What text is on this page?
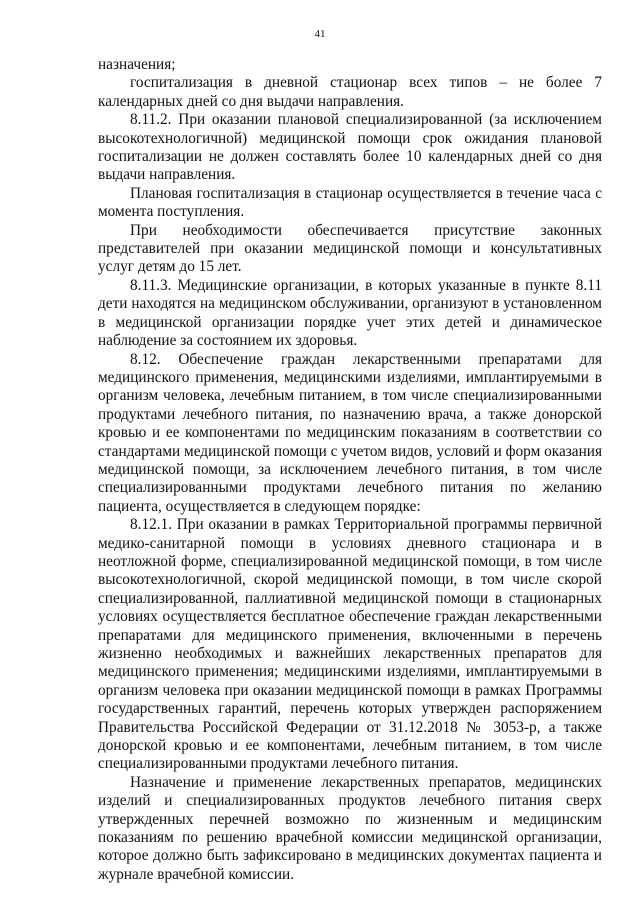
41

назначения;

госпитализация в дневной стационар всех типов – не более 7 календарных дней со дня выдачи направления.

8.11.2. При оказании плановой специализированной (за исключением высокотехнологичной) медицинской помощи срок ожидания плановой госпитализации не должен составлять более 10 календарных дней со дня выдачи направления.

Плановая госпитализация в стационар осуществляется в течение часа с момента поступления.

При необходимости обеспечивается присутствие законных представителей при оказании медицинской помощи и консультативных услуг детям до 15 лет.

8.11.3. Медицинские организации, в которых указанные в пункте 8.11 дети находятся на медицинском обслуживании, организуют в установленном в медицинской организации порядке учет этих детей и динамическое наблюдение за состоянием их здоровья.

8.12. Обеспечение граждан лекарственными препаратами для медицинского применения, медицинскими изделиями, имплантируемыми в организм человека, лечебным питанием, в том числе специализированными продуктами лечебного питания, по назначению врача, а также донорской кровью и ее компонентами по медицинским показаниям в соответствии со стандартами медицинской помощи с учетом видов, условий и форм оказания медицинской помощи, за исключением лечебного питания, в том числе специализированными продуктами лечебного питания по желанию пациента, осуществляется в следующем порядке:

8.12.1. При оказании в рамках Территориальной программы первичной медико-санитарной помощи в условиях дневного стационара и в неотложной форме, специализированной медицинской помощи, в том числе высокотехнологичной, скорой медицинской помощи, в том числе скорой специализированной, паллиативной медицинской помощи в стационарных условиях осуществляется бесплатное обеспечение граждан лекарственными препаратами для медицинского применения, включенными в перечень жизненно необходимых и важнейших лекарственных препаратов для медицинского применения; медицинскими изделиями, имплантируемыми в организм человека при оказании медицинской помощи в рамках Программы государственных гарантий, перечень которых утвержден распоряжением Правительства Российской Федерации от 31.12.2018 № 3053-р, а также донорской кровью и ее компонентами, лечебным питанием, в том числе специализированными продуктами лечебного питания.

Назначение и применение лекарственных препаратов, медицинских изделий и специализированных продуктов лечебного питания сверх утвержденных перечней возможно по жизненным и медицинским показаниям по решению врачебной комиссии медицинской организации, которое должно быть зафиксировано в медицинских документах пациента и журнале врачебной комиссии.
